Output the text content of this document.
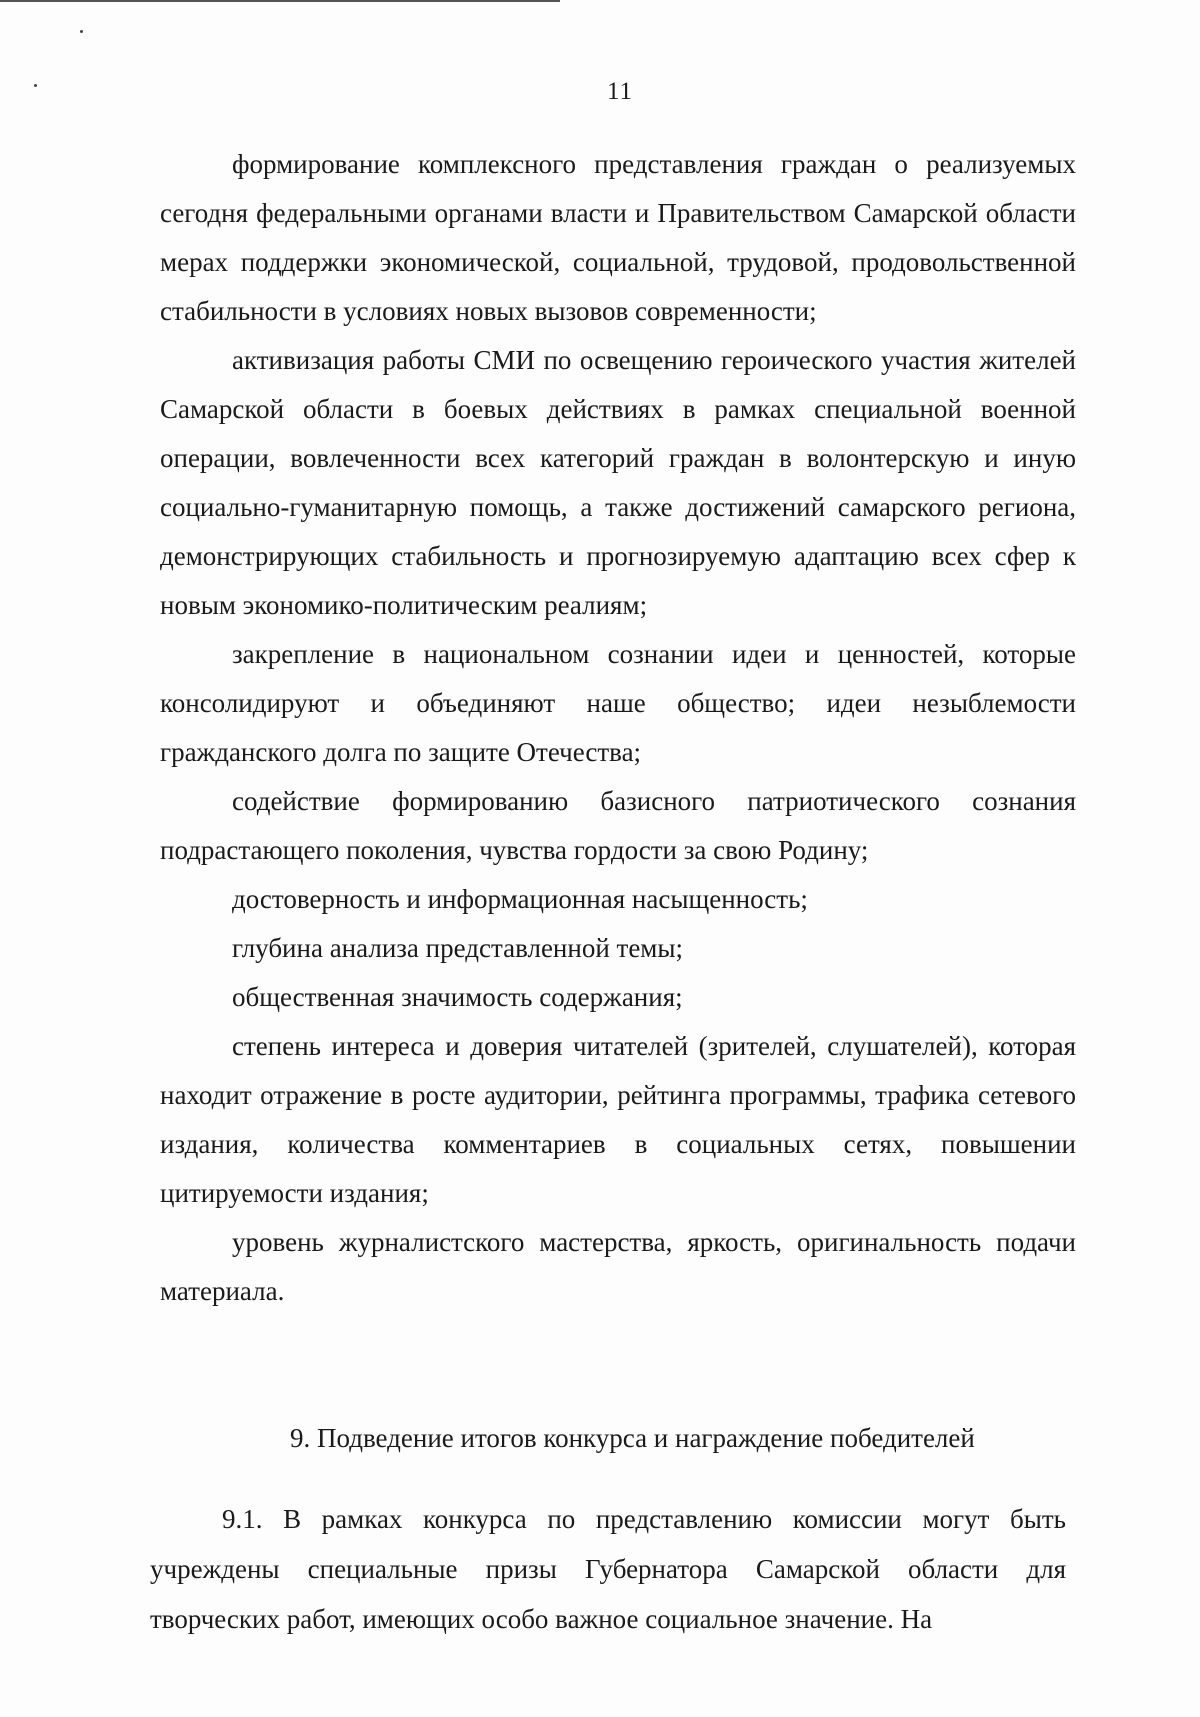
11

формирование комплексного представления граждан о реализуемых сегодня федеральными органами власти и Правительством Самарской области мерах поддержки экономической, социальной, трудовой, продовольственной стабильности в условиях новых вызовов современности;

активизация работы СМИ по освещению героического участия жителей Самарской области в боевых действиях в рамках специальной военной операции, вовлеченности всех категорий граждан в волонтерскую и иную социально-гуманитарную помощь, а также достижений самарского региона, демонстрирующих стабильность и прогнозируемую адаптацию всех сфер к новым экономико-политическим реалиям;

закрепление в национальном сознании идеи и ценностей, которые консолидируют и объединяют наше общество; идеи незыблемости гражданского долга по защите Отечества;

содействие формированию базисного патриотического сознания подрастающего поколения, чувства гордости за свою Родину;

достоверность и информационная насыщенность;

глубина анализа представленной темы;

общественная значимость содержания;

степень интереса и доверия читателей (зрителей, слушателей), которая находит отражение в росте аудитории, рейтинга программы, трафика сетевого издания, количества комментариев в социальных сетях, повышении цитируемости издания;

уровень журналистского мастерства, яркость, оригинальность подачи материала.

9. Подведение итогов конкурса и награждение победителей

9.1. В рамках конкурса по представлению комиссии могут быть учреждены специальные призы Губернатора Самарской области для творческих работ, имеющих особо важное социальное значение. На
